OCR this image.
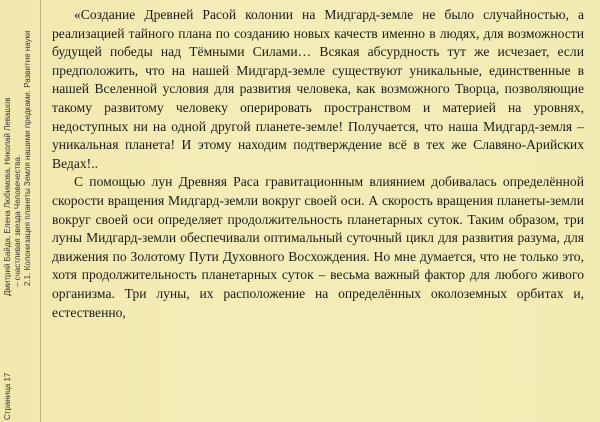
Страница 17
Дмитрий Байда, Елена Любимова, Николай Левашов – счастливая звезда Человечества. 2.1. Колонизация планеты Земля нашими предками. Развитие науки

«Создание Древней Расой колонии на Мидгард-земле не было случайностью, а реализацией тайного плана по созданию новых качеств именно в людях, для возможности будущей победы над Тёмными Силами… Всякая абсурдность тут же исчезает, если предположить, что на нашей Мидгард-земле существуют уникальные, единственные в нашей Вселенной условия для развития человека, как возможного Творца, позволяющие такому развитому человеку оперировать пространством и материей на уровнях, недоступных ни на одной другой планете-земле! Получается, что наша Мидгард-земля – уникальная планета! И этому находим подтверждение всё в тех же Славяно-Арийских Ведах!..

С помощью лун Древняя Раса гравитационным влиянием добивалась определённой скорости вращения Мидгард-земли вокруг своей оси. А скорость вращения планеты-земли вокруг своей оси определяет продолжительность планетарных суток. Таким образом, три луны Мидгард-земли обеспечивали оптимальный суточный цикл для развития разума, для движения по Золотому Пути Духовного Восхождения. Но мне думается, что не только это, хотя продолжительность планетарных суток – весьма важный фактор для любого живого организма. Три луны, их расположение на определённых околоземных орбитах и, естественно,
